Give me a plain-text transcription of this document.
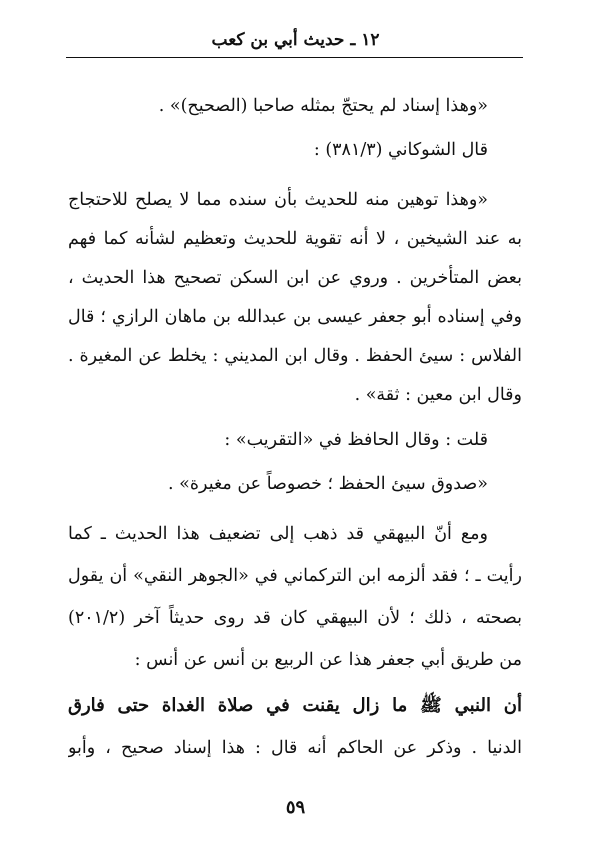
١٢ ـ حديث أبي بن كعب
«وهذا إسناد لم يحتجّ بمثله صاحبا (الصحيح)» .
قال الشوكاني (٣٨١/٣) :
«وهذا توهين منه للحديث بأن سنده مما لا يصلح للاحتجاج
به عند الشيخين ، لا أنه تقوية للحديث وتعظيم لشأنه كما فهم
بعض المتأخرين . وروي عن ابن السكن تصحيح هذا الحديث ،
وفي إسناده أبو جعفر عيسى بن عبدالله بن ماهان الرازي ؛ قال
الفلاس : سيئ الحفظ . وقال ابن المديني : يخلط عن المغيرة .
وقال ابن معين : ثقة» .
قلت : وقال الحافظ في «التقريب» :
«صدوق سيئ الحفظ ؛ خصوصاً عن مغيرة» .
ومع أنّ البيهقي قد ذهب إلى تضعيف هذا الحديث ـ كما
رأيت ـ ؛ فقد ألزمه ابن التركماني في «الجوهر النقي» أن يقول
بصحته ، ذلك ؛ لأن البيهقي كان قد روى حديثاً آخر (٢٠١/٢)
من طريق أبي جعفر هذا عن الربيع بن أنس عن أنس :
أن النبي ﷺ ما زال يقنت في صلاة الغداة حتى فارق
الدنيا . وذكر عن الحاكم أنه قال : هذا إسناد صحيح ، وأبو
٥٩
